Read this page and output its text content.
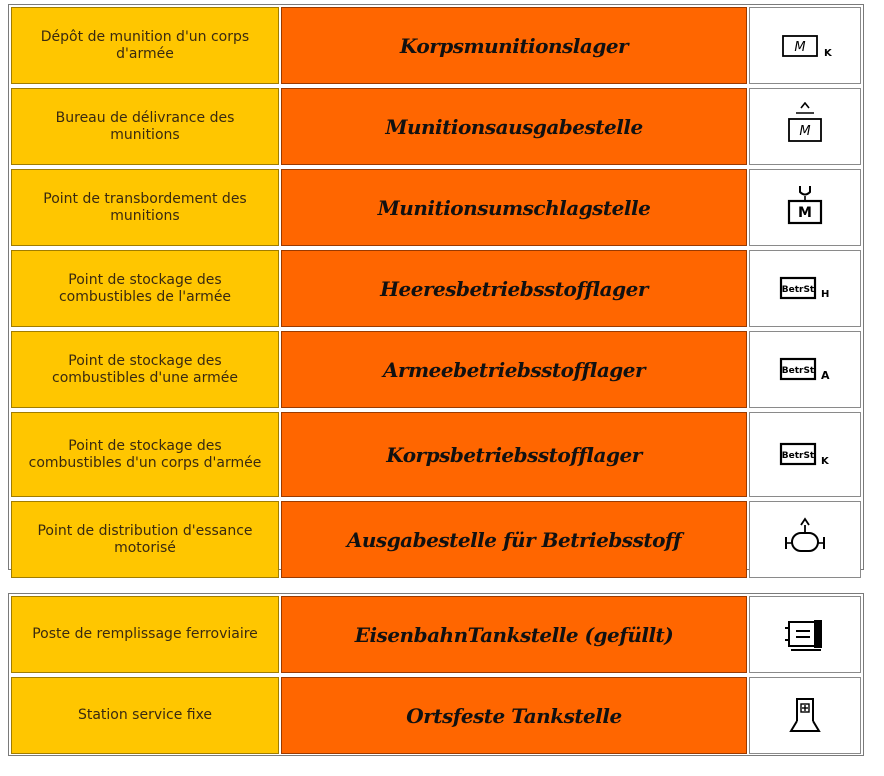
Dépôt de munition d'un corps d'armée	Korpsmunitionslager	M K
Bureau de délivrance des munitions	Munitionsausgabestelle	M
Point de transbordement des munitions	Munitionsumschlagstelle	M
Point de stockage des combustibles de l'armée	Heeresbetriebsstofflager	BetrSt H
Point de stockage des combustibles d'une armée	Armeebetriebsstofflager	BetrSt A
Point de stockage des combustibles d'un corps d'armée	Korpsbetriebsstofflager	BetrSt K
Point de distribution d'essance motorisé	Ausgabestelle für Betriebsstoff
Poste de remplissage ferroviaire	EisenbahnTankstelle (gefüllt)
Station service fixe	Ortsfeste Tankstelle
